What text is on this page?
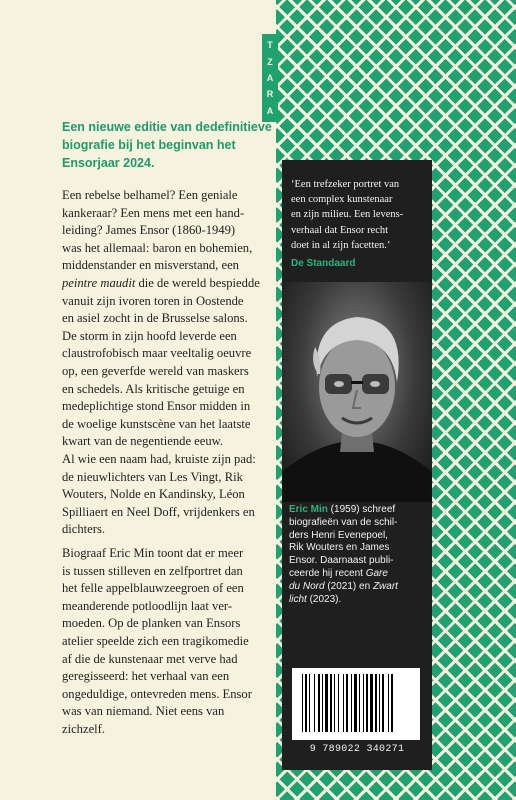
T
Z
A
R
A

Een nieuwe editie van dedefinitieve biografie bij het beginvan het Ensorjaar 2024.

Een rebelse belhamel? Een geniale
kankeraar? Een mens met een hand-
leiding? James Ensor (1860-1949)
was het allemaal: baron en bohemien,
middenstander en misverstand, een
peintre maudit die de wereld bespiedde
vanuit zijn ivoren toren in Oostende
en asiel zocht in de Brusselse salons.
De storm in zijn hoofd leverde een
claustrofobisch maar veeltalig oeuvre
op, een geverfde wereld van maskers
en schedels. Als kritische getuige en
medeplichtige stond Ensor midden in
de woelige kunstscène van het laatste
kwart van de negentiende eeuw.
Al wie een naam had, kruiste zijn pad:
de nieuwlichters van Les Vingt, Rik
Wouters, Nolde en Kandinsky, Léon
Spilliaert en Neel Doff, vrijdenkers en
dichters.

Biograaf Eric Min toont dat er meer
is tussen stilleven en zelfportret dan
het felle appelblauwzeegroen of een
meanderende potloodlijn laat ver-
moeden. Op de planken van Ensors
atelier speelde zich een tragikomedie
af die de kunstenaar met verve had
geregisseerd: het verhaal van een
ongeduldige, ontevreden mens. Ensor
was van niemand. Niet eens van
zichzelf.

‘Een trefzeker portret van
een complex kunstenaar
en zijn milieu. Een levens-
verhaal dat Ensor recht
doet in al zijn facetten.’

De Standaard

Eric Min (1959) schreef
biografieën van de schil-
ders Henri Evenepoel,
Rik Wouters en James
Ensor. Daarnaast publi-
ceerde hij recent Gare
du Nord (2021) en Zwart
licht (2023).

9 789022 340271
